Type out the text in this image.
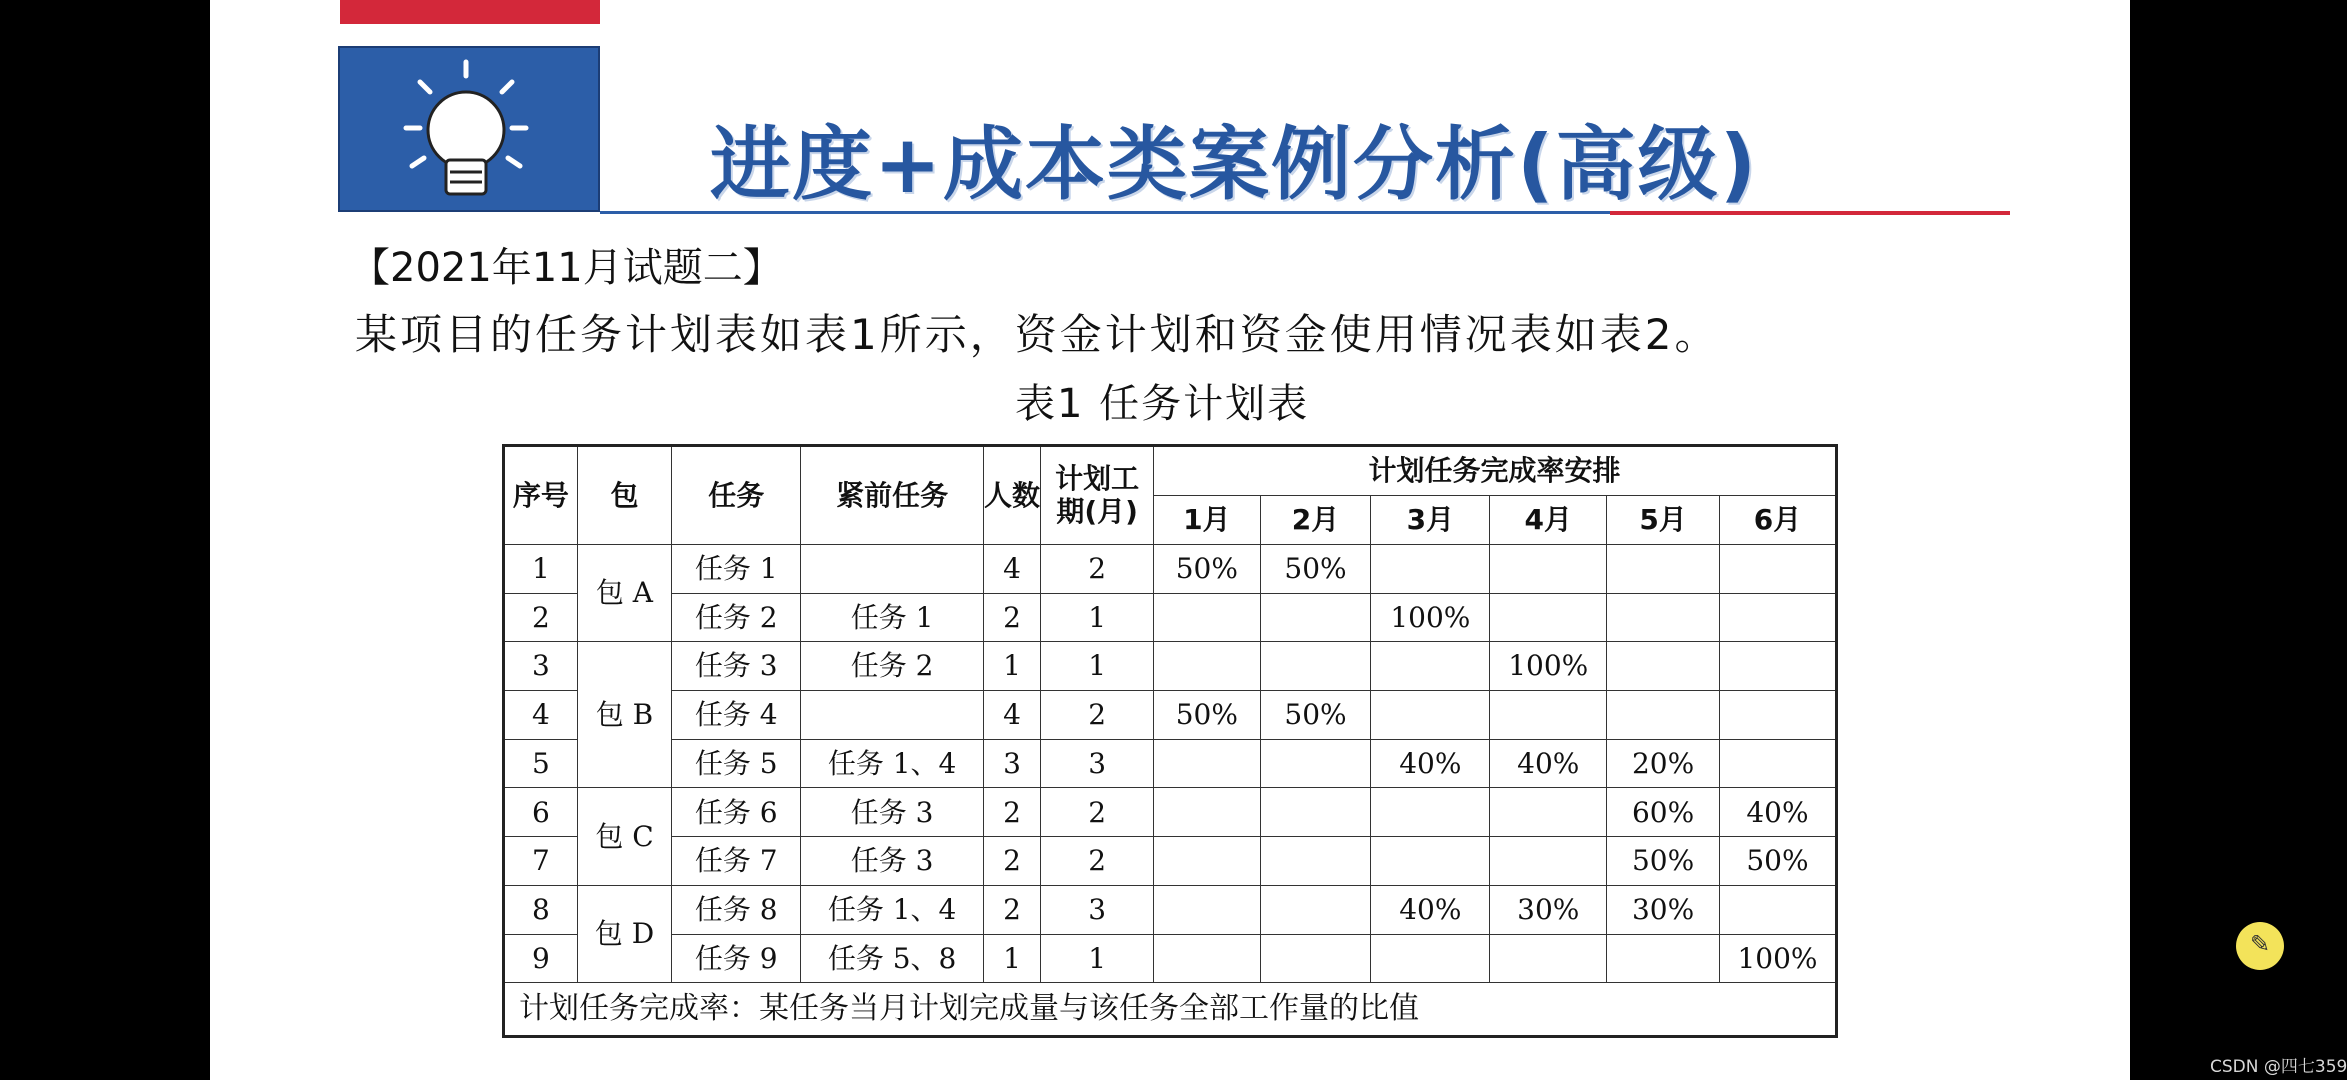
进度+成本类案例分析(高级)
【2021年11月试题二】
某项目的任务计划表如表1所示，资金计划和资金使用情况表如表2。
表1 任务计划表
序号	包	任务	紧前任务	人数	计划工期(月)	计划任务完成率安排					
						1月	2月	3月	4月	5月	6月
1	包 A	任务 1		4	2	50%	50%				
2		任务 2	任务 1	2	1			100%			
3	包 B	任务 3	任务 2	1	1				100%		
4		任务 4		4	2	50%	50%				
5		任务 5	任务 1、4	3	3			40%	40%	20%	
6	包 C	任务 6	任务 3	2	2					60%	40%
7		任务 7	任务 3	2	2					50%	50%
8	包 D	任务 8	任务 1、4	2	3			40%	30%	30%	
9		任务 9	任务 5、8	1	1						100%
计划任务完成率：某任务当月计划完成量与该任务全部工作量的比值											
✎
CSDN @四七359
